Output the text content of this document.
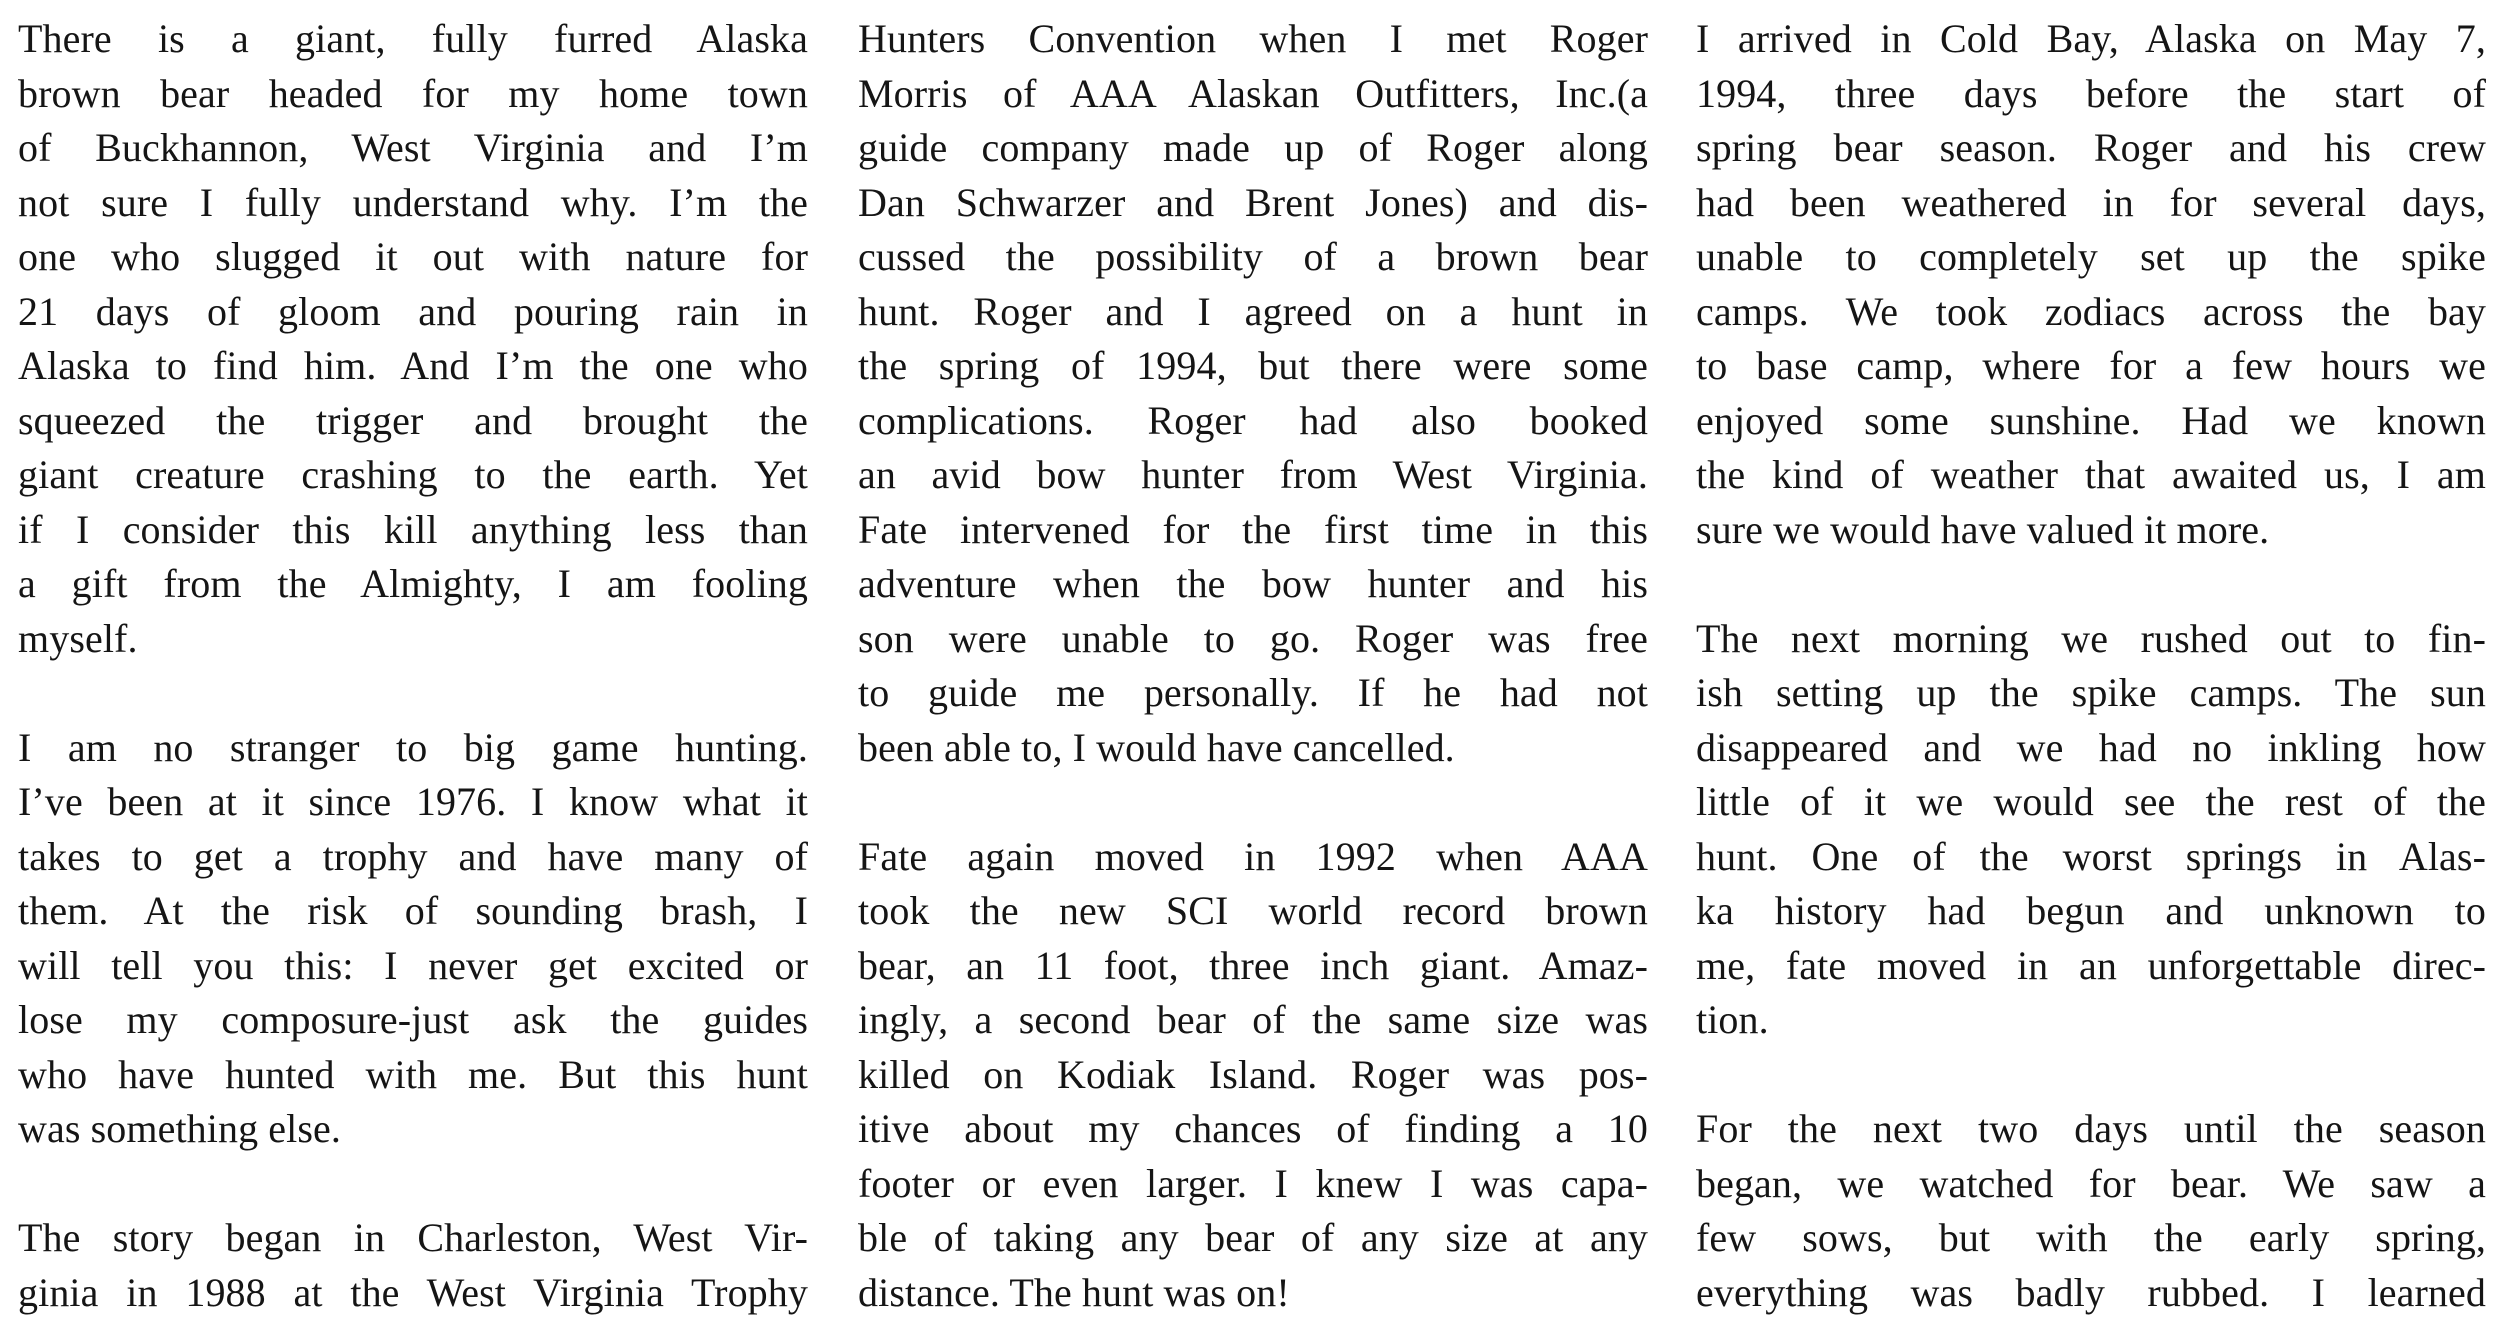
There is a giant, fully furred Alaska
brown bear headed for my home town
of Buckhannon, West Virginia and I’m
not sure I fully understand why. I’m the
one who slugged it out with nature for
21 days of gloom and pouring rain in
Alaska to find him. And I’m the one who
squeezed the trigger and brought the
giant creature crashing to the earth. Yet
if I consider this kill anything less than
a gift from the Almighty, I am fooling
myself.
I am no stranger to big game hunting.
I’ve been at it since 1976. I know what it
takes to get a trophy and have many of
them. At the risk of sounding brash, I
will tell you this: I never get excited or
lose my composure-just ask the guides
who have hunted with me. But this hunt
was something else.
The story began in Charleston, West Vir-
ginia in 1988 at the West Virginia Trophy
Hunters Convention when I met Roger
Morris of AAA Alaskan Outfitters, Inc.(a
guide company made up of Roger along
Dan Schwarzer and Brent Jones) and dis-
cussed the possibility of a brown bear
hunt. Roger and I agreed on a hunt in
the spring of 1994, but there were some
complications. Roger had also booked
an avid bow hunter from West Virginia.
Fate intervened for the first time in this
adventure when the bow hunter and his
son were unable to go. Roger was free
to guide me personally. If he had not
been able to, I would have cancelled.
Fate again moved in 1992 when AAA
took the new SCI world record brown
bear, an 11 foot, three inch giant. Amaz-
ingly, a second bear of the same size was
killed on Kodiak Island. Roger was pos-
itive about my chances of finding a 10
footer or even larger. I knew I was capa-
ble of taking any bear of any size at any
distance. The hunt was on!
I arrived in Cold Bay, Alaska on May 7,
1994, three days before the start of
spring bear season. Roger and his crew
had been weathered in for several days,
unable to completely set up the spike
camps. We took zodiacs across the bay
to base camp, where for a few hours we
enjoyed some sunshine. Had we known
the kind of weather that awaited us, I am
sure we would have valued it more.
The next morning we rushed out to fin-
ish setting up the spike camps. The sun
disappeared and we had no inkling how
little of it we would see the rest of the
hunt. One of the worst springs in Alas-
ka history had begun and unknown to
me, fate moved in an unforgettable direc-
tion.
For the next two days until the season
began, we watched for bear. We saw a
few sows, but with the early spring,
everything was badly rubbed. I learned
